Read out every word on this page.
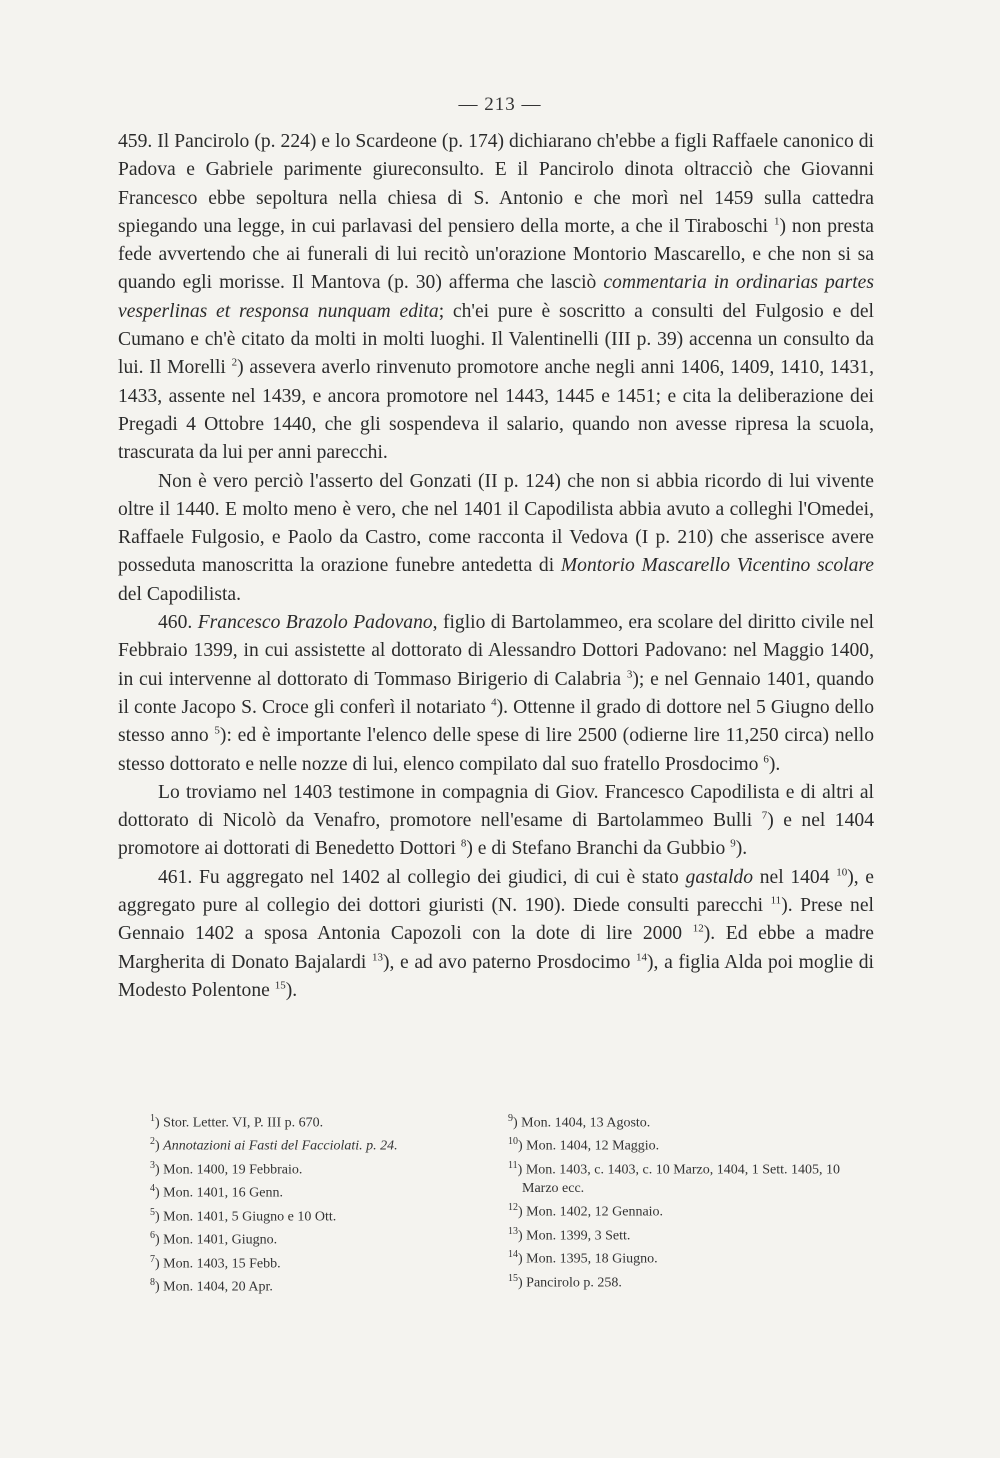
— 213 —

459. Il Pancirolo (p. 224) e lo Scardeone (p. 174) dichiarano ch'ebbe a figli Raffaele canonico di Padova e Gabriele parimente giureconsulto. E il Pancirolo dinota oltracciò che Giovanni Francesco ebbe sepoltura nella chiesa di S. Antonio e che morì nel 1459 sulla cattedra spiegando una legge, in cui parlavasi del pensiero della morte, a che il Tiraboschi $^1$) non presta fede avvertendo che ai funerali di lui recitò un'orazione Montorio Mascarello, e che non si sa quando egli morisse. Il Mantova (p. 30) afferma che lasciò commentaria in ordinarias partes vesperlinas et responsa nunquam edita; ch'ei pure è soscritto a consulti del Fulgosio e del Cumano e ch'è citato da molti in molti luoghi. Il Valentinelli (III p. 39) accenna un consulto da lui. Il Morelli $^2$) assevera averlo rinvenuto promotore anche negli anni 1406, 1409, 1410, 1431, 1433, assente nel 1439, e ancora promotore nel 1443, 1445 e 1451; e cita la deliberazione dei Pregadi 4 Ottobre 1440, che gli sospendeva il salario, quando non avesse ripresa la scuola, trascurata da lui per anni parecchi.

Non è vero perciò l'asserto del Gonzati (II p. 124) che non si abbia ricordo di lui vivente oltre il 1440. E molto meno è vero, che nel 1401 il Capodilista abbia avuto a colleghi l'Omedei, Raffaele Fulgosio, e Paolo da Castro, come racconta il Vedova (I p. 210) che asserisce avere posseduta manoscritta la orazione funebre antedetta di Montorio Mascarello Vicentino scolare del Capodilista.

460. Francesco Brazolo Padovano, figlio di Bartolammeo, era scolare del diritto civile nel Febbraio 1399, in cui assistette al dottorato di Alessandro Dottori Padovano: nel Maggio 1400, in cui intervenne al dottorato di Tommaso Birigerio di Calabria $^3$); e nel Gennaio 1401, quando il conte Jacopo S. Croce gli conferì il notariato $^4$). Ottenne il grado di dottore nel 5 Giugno dello stesso anno $^5$): ed è importante l'elenco delle spese di lire 2500 (odierne lire 11,250 circa) nello stesso dottorato e nelle nozze di lui, elenco compilato dal suo fratello Prosdocimo $^6$).

Lo troviamo nel 1403 testimone in compagnia di Giov. Francesco Capodilista e di altri al dottorato di Nicolò da Venafro, promotore nell'esame di Bartolammeo Bulli $^7$) e nel 1404 promotore ai dottorati di Benedetto Dottori $^8$) e di Stefano Branchi da Gubbio $^9$).

461. Fu aggregato nel 1402 al collegio dei giudici, di cui è stato gastaldo nel 1404 $^{10}$), e aggregato pure al collegio dei dottori giuristi (N. 190). Diede consulti parecchi $^{11}$). Prese nel Gennaio 1402 a sposa Antonia Capozoli con la dote di lire 2000 $^{12}$). Ed ebbe a madre Margherita di Donato Bajalardi $^{13}$), e ad avo paterno Prosdocimo $^{14}$), a figlia Alda poi moglie di Modesto Polentone $^{15}$).

$^1$) Stor. Letter. VI, P. III p. 670.
$^2$) Annotazioni ai Fasti del Facciolati. p. 24.
$^3$) Mon. 1400, 19 Febbraio.
$^4$) Mon. 1401, 16 Genn.
$^5$) Mon. 1401, 5 Giugno e 10 Ott.
$^6$) Mon. 1401, Giugno.
$^7$) Mon. 1403, 15 Febb.
$^8$) Mon. 1404, 20 Apr.
$^9$) Mon. 1404, 13 Agosto.
$^{10}$) Mon. 1404, 12 Maggio.
$^{11}$) Mon. 1403, c. 1403, c. 10 Marzo, 1404, 1 Sett. 1405, 10 Marzo ecc.
$^{12}$) Mon. 1402, 12 Gennaio.
$^{13}$) Mon. 1399, 3 Sett.
$^{14}$) Mon. 1395, 18 Giugno.
$^{15}$) Pancirolo p. 258.
